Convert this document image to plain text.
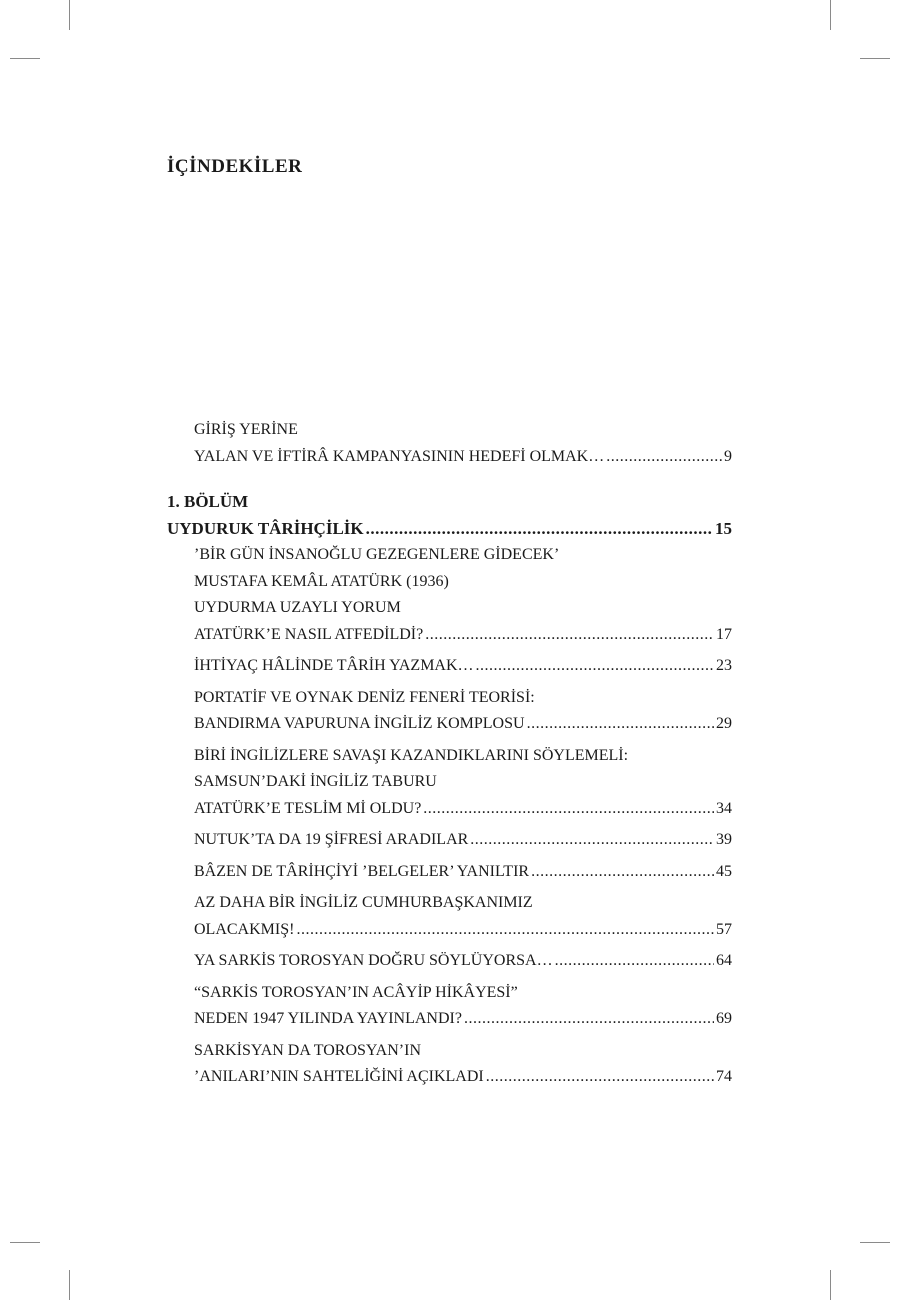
İÇİNDEKİLER
GİRİŞ YERİNE
YALAN VE İFTİRÂ KAMPANYASININ HEDEFİ OLMAK… .....	9
1. BÖLÜM
UYDURUK TÂRİHÇİLİK .....	15
’BİR GÜN İNSANOĞLU GEZEGENLERE GİDECEK’
MUSTAFA KEMÂL ATATÜRK (1936)
UYDURMA UZAYLI YORUM
ATATÜRK’E NASIL ATFEDİLDİ? .....	17
İHTİYAÇ HÂLİNDE TÂRİH YAZMAK… .....	23
PORTATİF VE OYNAK DENİZ FENERİ TEORİSİ:
BANDIRMA VAPURUNA İNGİLİZ KOMPLOSU .....	29
BİRİ İNGİLİZLERE SAVAŞI KAZANDIKLARINI SÖYLEMELİ:
SAMSUN’DAKİ İNGİLİZ TABURU
ATATÜRK’E TESLİM Mİ OLDU? .....	34
NUTUK’TA DA 19 ŞİFRESİ ARADILAR .....	39
BÂZEN DE TÂRİHÇİYİ ’BELGELER’ YANILTIR .....	45
AZ DAHA BİR İNGİLİZ CUMHURBAŞKANIMIZ
OLACAKMIŞ! .....	57
YA SARKİS TOROSYAN DOĞRU SÖYLÜYORSA… .....	64
“SARKİS TOROSYAN’IN ACÂYİP HİKÂYESİ”
NEDEN 1947 YILINDA YAYINLANDI? .....	69
SARKİSYAN DA TOROSYAN’IN
’ANILARI’NIN SAHTELİĞİNİ AÇIKLADI .....	74
